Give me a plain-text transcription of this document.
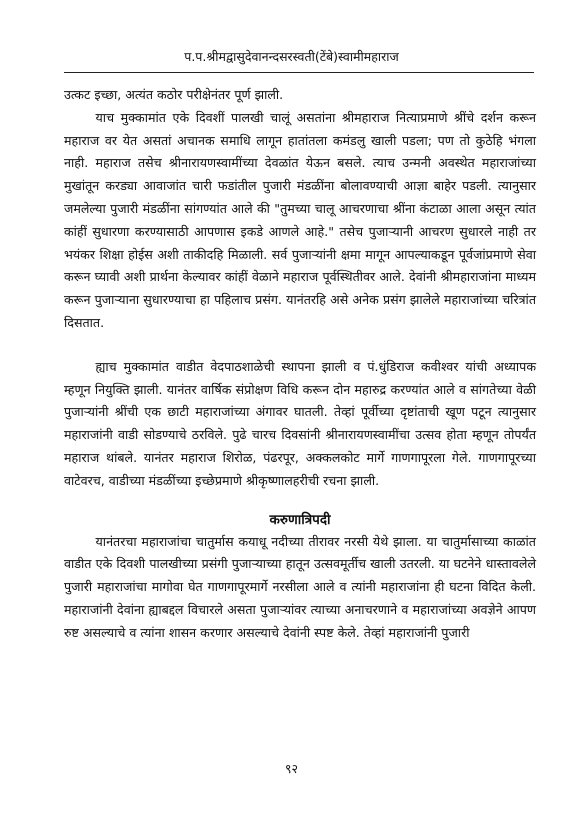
प.प.श्रीमद्वासुदेवानन्दसरस्वती(टेंबे)स्वामीमहाराज

उत्कट इच्छा, अत्यंत कठोर परीक्षेनंतर पूर्ण झाली.

याच मुक्कामांत एके दिवशीं पालखी चालूं असतांना श्रीमहाराज नित्याप्रमाणे श्रींचे दर्शन करून महाराज वर येत असतां अचानक समाधि लागून हातांतला कमंडलु खाली पडला; पण तो कुठेहि भंगला नाही. महाराज तसेच श्रीनारायणस्वामींच्या देवळांत येऊन बसले. त्याच उन्मनी अवस्थेत महाराजांच्या मुखांतून करड्या आवाजांत चारी फडांतील पुजारी मंडळींना बोलावण्याची आज्ञा बाहेर पडली. त्यानुसार जमलेल्या पुजारी मंडळींना सांगण्यांत आले की "तुमच्या चालू आचरणाचा श्रींना कंटाळा आला असून त्यांत कांहीं सुधारणा करण्यासाठी आपणास इकडे आणले आहे." तसेच पुजाऱ्यानी आचरण सुधारले नाही तर भयंकर शिक्षा होईस अशी ताकीदहि मिळाली. सर्व पुजाऱ्यांनी क्षमा मागून आपल्याकडून पूर्वजांप्रमाणे सेवा करून घ्यावी अशी प्रार्थना केल्यावर कांहीं वेळाने महाराज पूर्वस्थितीवर आले. देवांनी श्रीमहाराजांना माध्यम करून पुजाऱ्याना सुधारण्याचा हा पहिलाच प्रसंग. यानंतरहि असे अनेक प्रसंग झालेले महाराजांच्या चरित्रांत दिसतात.

ह्याच मुक्कामांत वाडीत वेदपाठशाळेची स्थापना झाली व पं.धुंडिराज कवीश्वर यांची अध्यापक म्हणून नियुक्ति झाली. यानंतर वार्षिक संप्रोक्षण विधि करून दोन महारुद्र करण्यांत आले व सांगतेच्या वेळी पुजाऱ्यांनी श्रींची एक छाटी महाराजांच्या अंगावर घातली. तेव्हां पूर्वीच्या दृष्टांताची खूण पटून त्यानुसार महाराजांनी वाडी सोडण्याचे ठरविले. पुढे चारच दिवसांनी श्रीनारायणस्वामींचा उत्सव होता म्हणून तोपर्यंत महाराज थांबले. यानंतर महाराज शिरोळ, पंढरपूर, अक्कलकोट मार्गे गाणगापूरला गेले. गाणगापूरच्या वाटेवरच, वाडीच्या मंडळींच्या इच्छेप्रमाणे श्रीकृष्णालहरीची रचना झाली.

करुणात्रिपदी

यानंतरचा महाराजांचा चातुर्मास कयाधू नदीच्या तीरावर नरसी येथे झाला. या चातुर्मासाच्या काळांत वाडीत एके दिवशी पालखीच्या प्रसंगी पुजाऱ्याच्या हातून उत्सवमूर्तीच खाली उतरली. या घटनेने धास्तावलेले पुजारी महाराजांचा मागोवा घेत गाणगापूरमार्गे नरसीला आले व त्यांनी महाराजांना ही घटना विदित केली. महाराजांनी देवांना ह्याबद्दल विचारले असता पुजाऱ्यांवर त्याच्या अनाचरणाने व महाराजांच्या अवज्ञेने आपण रुष्ट असल्याचे व त्यांना शासन करणार असल्याचे देवांनी स्पष्ट केले. तेव्हां महाराजांनी पुजारी

९२
